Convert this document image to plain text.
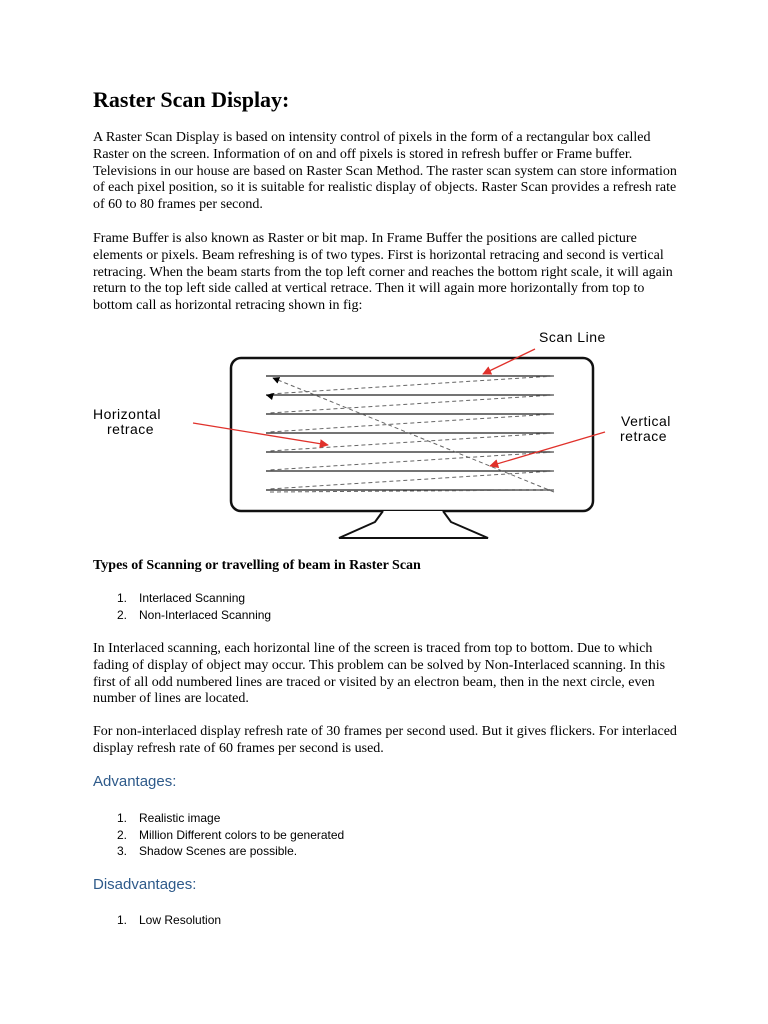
Raster Scan Display:

A Raster Scan Display is based on intensity control of pixels in the form of a rectangular box called Raster on the screen. Information of on and off pixels is stored in refresh buffer or Frame buffer. Televisions in our house are based on Raster Scan Method. The raster scan system can store information of each pixel position, so it is suitable for realistic display of objects. Raster Scan provides a refresh rate of 60 to 80 frames per second.

Frame Buffer is also known as Raster or bit map. In Frame Buffer the positions are called picture elements or pixels. Beam refreshing is of two types. First is horizontal retracing and second is vertical retracing. When the beam starts from the top left corner and reaches the bottom right scale, it will again return to the top left side called at vertical retrace. Then it will again more horizontally from top to bottom call as horizontal retracing shown in fig:

Types of Scanning or travelling of beam in Raster Scan

1. Interlaced Scanning
2. Non-Interlaced Scanning

In Interlaced scanning, each horizontal line of the screen is traced from top to bottom. Due to which fading of display of object may occur. This problem can be solved by Non-Interlaced scanning. In this first of all odd numbered lines are traced or visited by an electron beam, then in the next circle, even number of lines are located.

For non-interlaced display refresh rate of 30 frames per second used. But it gives flickers. For interlaced display refresh rate of 60 frames per second is used.

Advantages:

1. Realistic image
2. Million Different colors to be generated
3. Shadow Scenes are possible.

Disadvantages:

1. Low Resolution
Scan Line
Horizontal
retrace	Vertical
retrace
